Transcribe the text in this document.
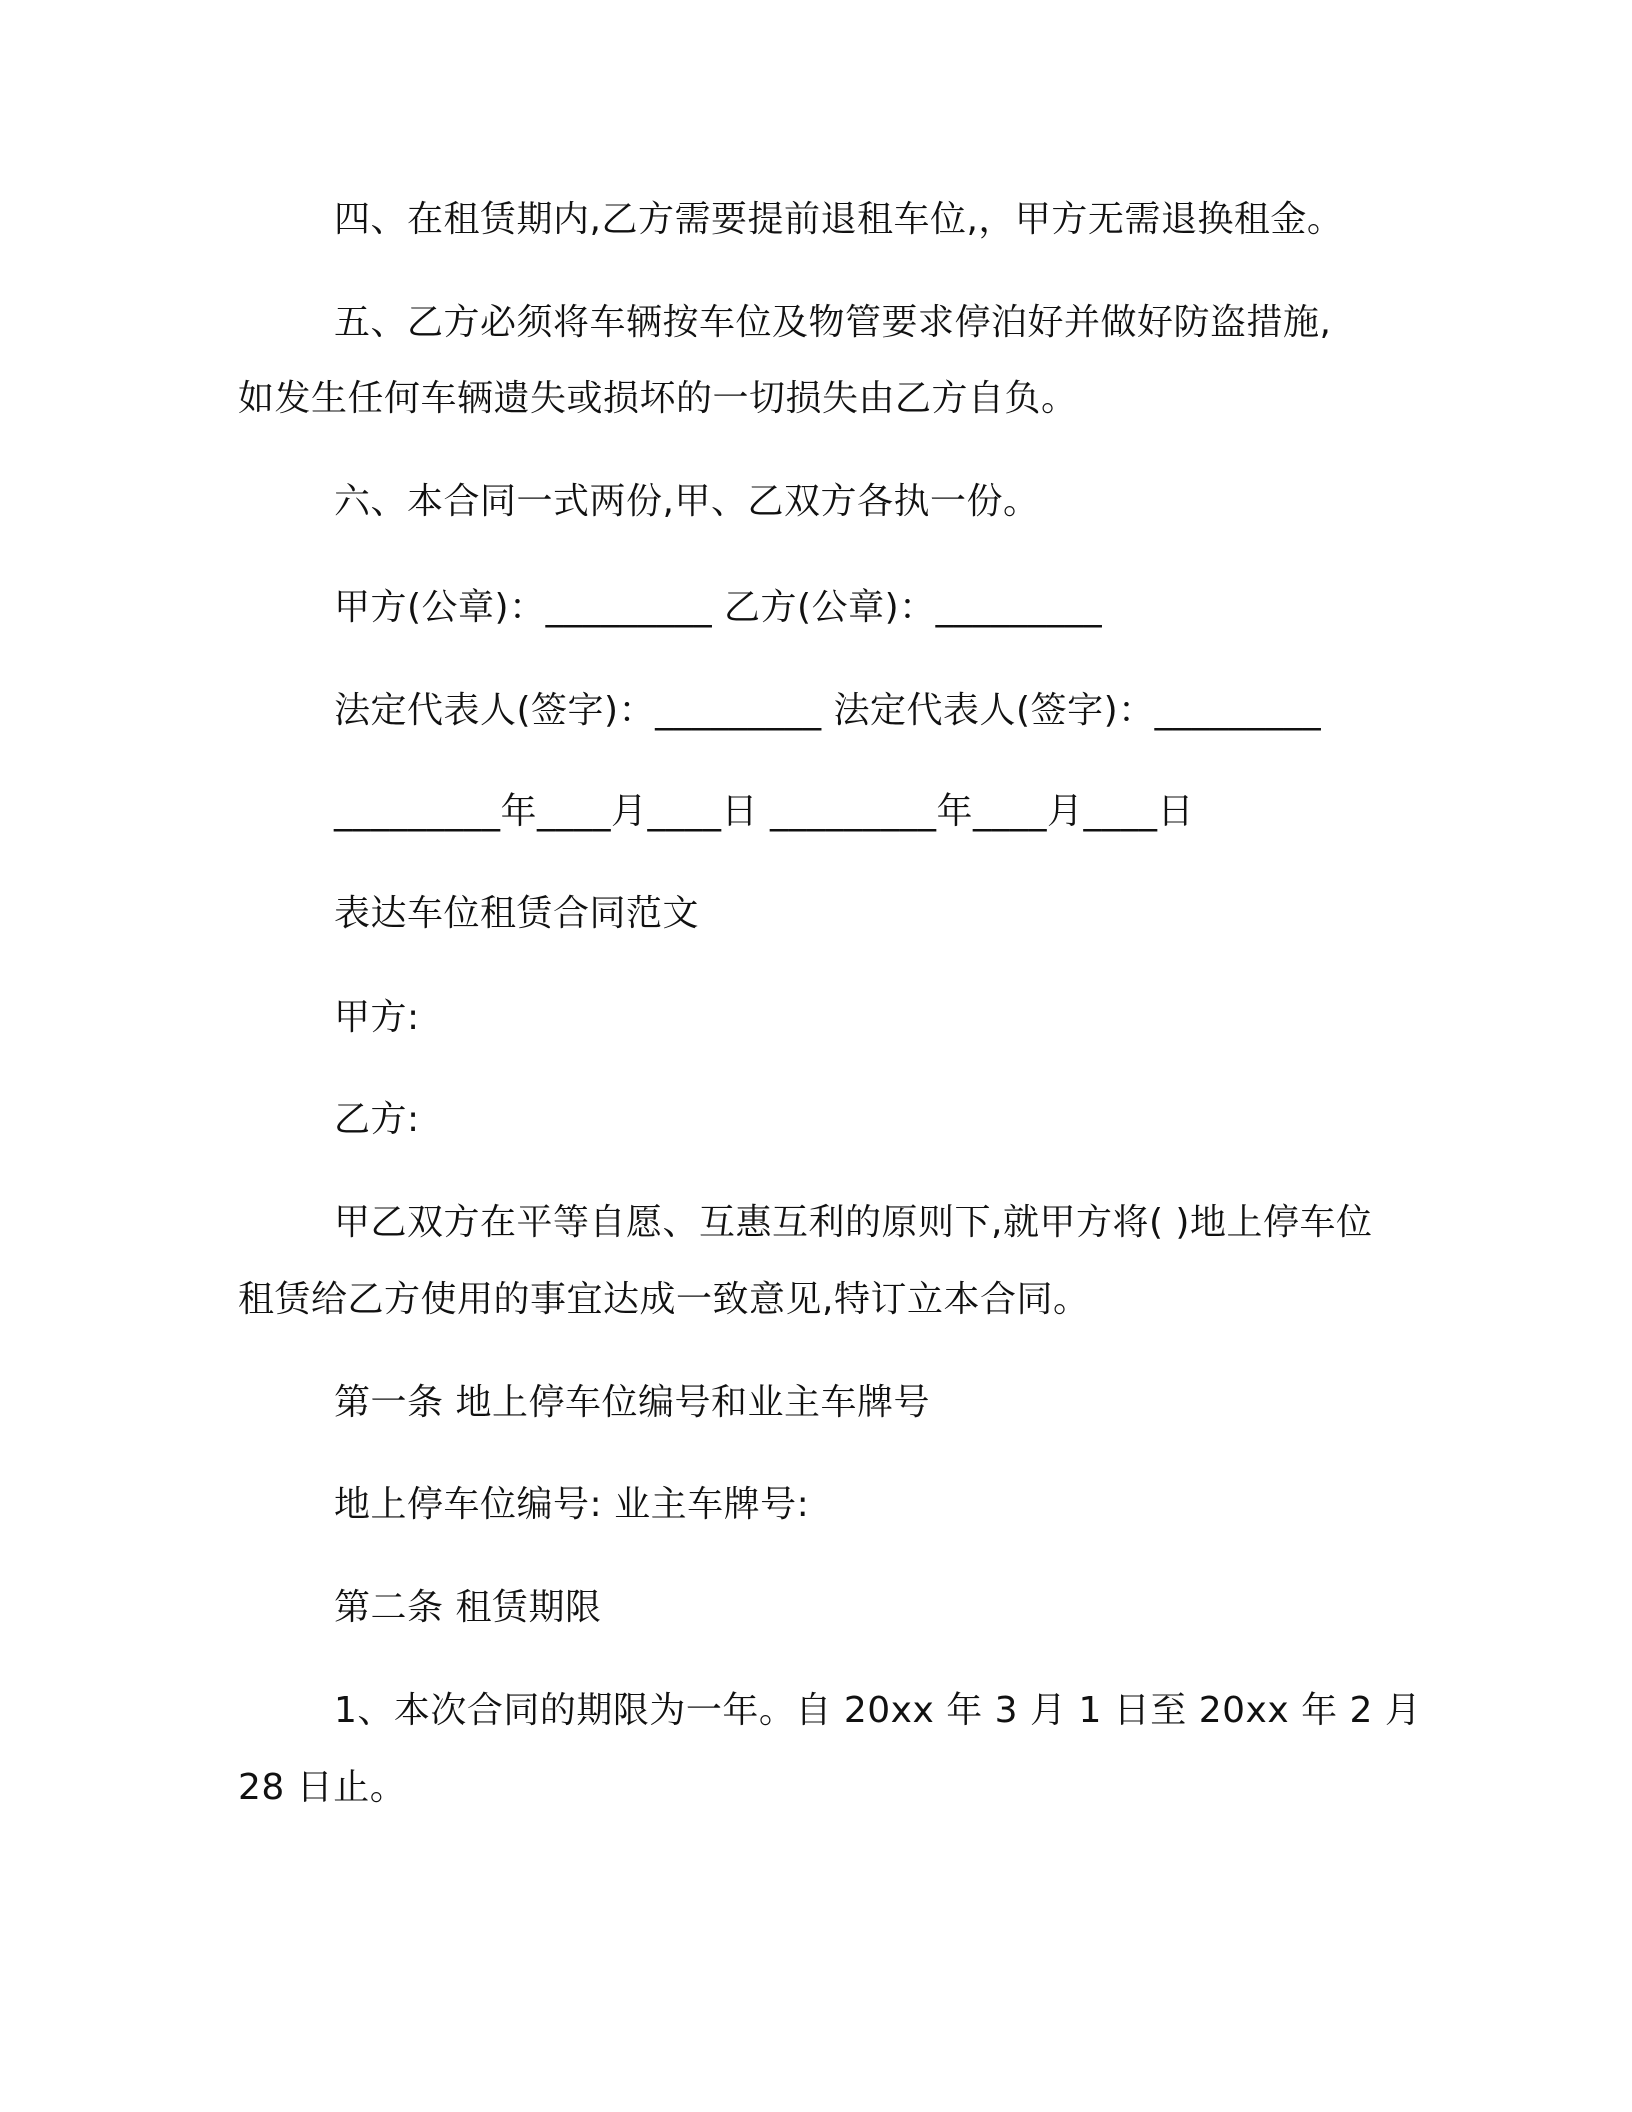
四、在租赁期内,乙方需要提前退租车位,，甲方无需退换租金。
五、乙方必须将车辆按车位及物管要求停泊好并做好防盗措施,
如发生任何车辆遗失或损坏的一切损失由乙方自负。
六、本合同一式两份,甲、乙双方各执一份。
甲方(公章)：_________ 乙方(公章)：_________
法定代表人(签字)：_________ 法定代表人(签字)：_________
_________年____月____日 _________年____月____日
表达车位租赁合同范文
甲方:
乙方:
甲乙双方在平等自愿、互惠互利的原则下,就甲方将( )地上停车位
租赁给乙方使用的事宜达成一致意见,特订立本合同。
第一条 地上停车位编号和业主车牌号
地上停车位编号: 业主车牌号:
第二条 租赁期限
1、本次合同的期限为一年。自 20xx 年 3 月 1 日至 20xx 年 2 月
28 日止。
